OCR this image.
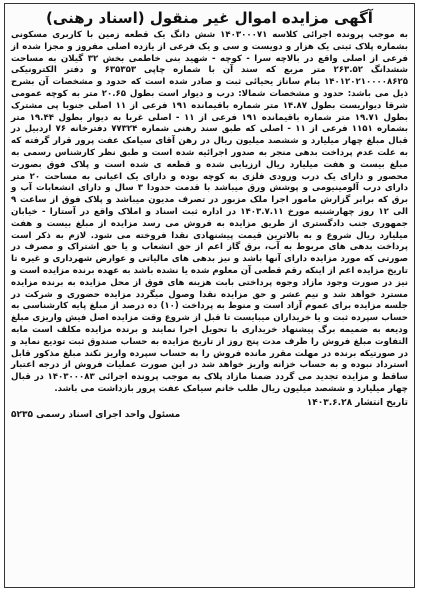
آگهی مزایده اموال غیر منقول (اسناد رهنی)
به موجب پرونده اجرائی کلاسه ۱۴۰۳۰۰۰۷۱ شش دانگ یک قطعه زمین با کاربری مسکونی بشماره پلاک ثبتی یک هزار و دویست و سی و یک فرعی از یازده اصلی مفروز و مجزا شده از فرعی از اصلی واقع در بالاچه سرا - کوچه - شهید بنی خاطمی بخش ۳۲ گیلان به مساحت ششدانگ ۲۶۳.۵۲ متر مربع که سند آن با شماره چاپی ۶۳۵۳۵۳ و دفتر الکترونیکی ۱۴۰۱۲۰۲۱۰۰۰۰۸۶۲۵ بنام ساناز یحیائی ثبت و صادر شده است که حدود و مشخصات آن بشرح ذیل می باشد: حدود و مشخصات شمالا: درب و دیوار است بطول ۲۰.۶۵ متر به کوچه عمومی شرقا دیواریست بطول ۱۴.۸۷ متر شماره باقیمانده ۱۹۱ فرعی از ۱۱ اصلی جنوبا پی مشترک بطول ۱۹.۷۱ متر شماره باقیمانده ۱۹۱ فرعی از ۱۱ - اصلی غربا به دیوار بطول ۱۹.۴۴ متر بشماره ۱۱۵۱ فرعی از ۱۱ - اصلی که طبق سند رهنی شماره ۷۷۳۲۴ دفترخانه ۷۶ اردبیل در قبال مبلغ چهار میلیارد و ششصد میلیون ریال در رهن آقای سیامک عفت پرور قرار گرفته که به علت عدم پرداخت بدهی منجر به صدور اجرائیه شده است و طبق نظر کارشناس رسمی به مبلغ بیست و هفت میلیارد ریال ارزیابی شده و قطعه ی شده است و پلاک فوق بصورت محصور و دارای یک درب ورودی فلزی به کوچه بوده و دارای یک اعیانی به مساحت ۲۰ متر دارای درب آلومینیومی و پوشش ورق میباشد با قدمت حدودا ۳ سال و دارای انشعابات آب و برق که برابر گزارش مامور اجرا ملک مزبور در تصرف مدیون میباشد و پلاک فوق از ساعت ۹ الی ۱۲ روز چهارشنبه مورخ ۱۴۰۳.۷.۱۱ در اداره ثبت اسناد و املاک واقع در آستارا - خیابان جمهوری جنب دادگستری از طریق مزایده به فروش می رسد مزایده از مبلغ بیست و هفت میلیارد ریال شروع و به بالاترین قیمت پیشنهادی نقدا فروخته می شود. لازم به ذکر است پرداخت بدهی های مربوط به آب، برق گاز اعم از حق انشعاب و یا حق اشتراک و مصرف در صورتی که مورد مزایده دارای آنها باشد و نیز بدهی های مالیاتی و عوارض شهرداری و غیره تا تاریخ مزایده اعم از اینکه رقم قطعی آن معلوم شده یا نشده باشد به عهده برنده مزایده است و نیز در صورت وجود مازاد وجوه پرداختی بابت هزینه های فوق از محل مزایده به برنده مزایده مسترد خواهد شد و نیم عشر و حق مزایده نقدا وصول میگردد مزایده حضوری و شرکت در جلسه مزایده برای عموم آزاد است و منوط به پرداخت (۱۰) ده درصد از مبلغ پایه کارشناسی به حساب سپرده ثبت و یا خریداران میبایست تا قبل از شروع وقت مزایده اصل فیش واریزی مبلغ ودیعه به ضمیمه برگ پیشنهاد خریداری با تحویل اجرا نمایند و برنده مزایده مکلف است مابه التفاوت مبلغ فروش را ظرف مدت پنج روز از تاریخ مزایده به حساب صندوق ثبت تودیع نماید و در صورتیکه برنده در مهلت مقرر مانده فروش را به حساب سپرده واریز نکند مبلغ مذکور قابل استرداد نبوده و به حساب خزانه واریز خواهد شد در این صورت عملیات فروش از درجه اعتبار ساقط و مزایده تجدید می گردد ضمنا مازاد پلاک به موجب پرونده اجرائی ۱۴۰۳۰۰۰۸۳ در قبال چهار میلیارد و ششصد میلیون ریال طلب خانم سیامک عفت پرور بازداشت می باشد.
تاریخ انتشار ۱۴۰۳.۶.۲۸
مسئول واحد اجرای اسناد رسمی ۵۲۳۵
